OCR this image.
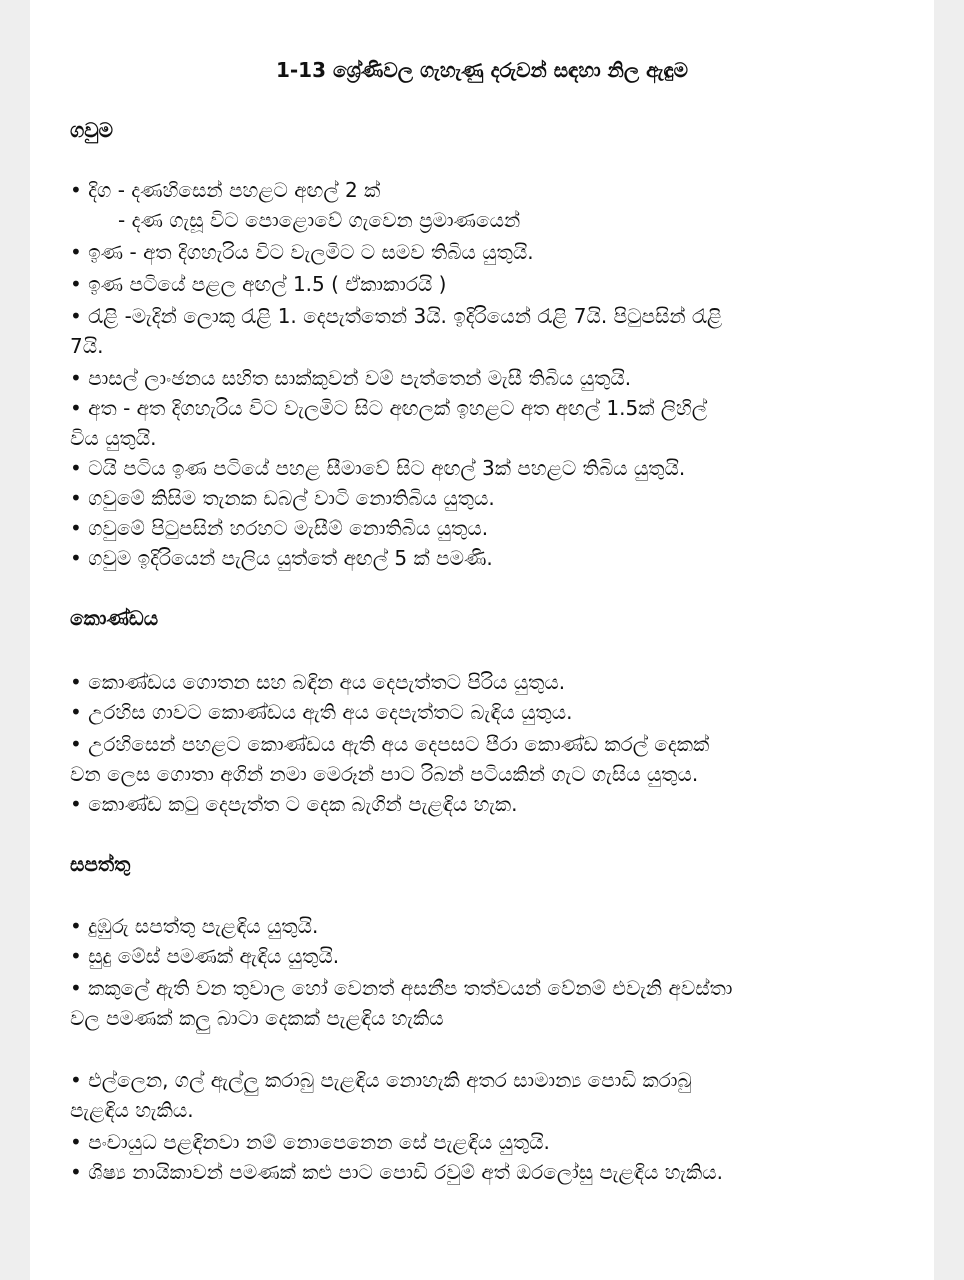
1-13 ශ්‍රේණිවල ගැහැණු දරුවන් සඳහා නිල ඇඳුම
ගවුම
• දිග - දණහිසෙන් පහළට අඟල් 2 ක්
- දණ ගැසූ විට පොළොවේ ගැවෙන ප්‍රමාණයෙන්
• ඉණ - අත දිගහැරිය විට වැලමිට ට සමව තිබිය යුතුයි.
• ඉණ පටියේ පළල අඟල් 1.5 ( ඒකාකාරයි )
• රැළි -මැදින් ලොකු රැළි 1. දෙපැත්තෙන් 3යි. ඉදිරියෙන් රැළි 7යි. පිටුපසින් රැළි
7යි.
• පාසල් ලාංඡනය සහිත සාක්කුවන් වම් පැත්තෙන් මැසී තිබිය යුතුයි.
• අත - අත දිගහැරිය විට වැලමිට සිට අඟලක් ඉහළට අත අඟල් 1.5ක් ලිහිල්
විය යුතුයි.
• ටයි පටිය ඉණ පටියේ පහළ සීමාවේ සිට අඟල් 3ක් පහළට තිබිය යුතුයි.
• ගවුමේ කිසිම තැනක ඩබල් වාටි නොතිබිය යුතුය.
• ගවුමේ පිටුපසින් හරහට මැසීම් නොතිබිය යුතුය.
• ගවුම ඉදිරියෙන් පැලිය යුත්තේ අඟල් 5 ක් පමණි.
කොණ්ඩය
• කොණ්ඩය ගොතන සහ බඳින අය දෙපැත්තට පිරිය යුතුය.
• උරහිස ගාවට කොණ්ඩය ඇති අය දෙපැත්තට බැඳිය යුතුය.
• උරහිසෙන් පහළට කොණ්ඩය ඇති අය දෙපසට පීරා කොණ්ඩ කරල් දෙකක්
වන ලෙස ගොතා අගින් නමා මෙරූන් පාට රිබන් පටියකින් ගැට ගැසිය යුතුය.
• කොණ්ඩ කටු දෙපැත්ත ට දෙක බැගින් පැළඳිය හැක.
සපත්තු
• දුඹුරු සපත්තු පැළඳිය යුතුයි.
• සුදු මේස් පමණක් ඇඳිය යුතුයි.
• කකුලේ ඇති වන තුවාල හෝ වෙනත් අසනීප තත්වයන් වේනම් එවැනි අවස්තා
වල පමණක් කලු බාටා දෙකක් පැළඳිය හැකිය
• එල්ලෙන, ගල් ඇල්ලු කරාබු පැළඳිය නොහැකි අතර සාමාන්‍ය පොඩි කරාබු
පැළඳිය හැකිය.
• පංචායුධ පළඳිනවා නම් නොපෙනෙන සේ පැළඳිය යුතුයි.
• ශිෂ්‍ය නායිකාවන් පමණක් කළු පාට පොඩි රවුම් අත් ඔරලෝසු පැළඳිය හැකිය.
